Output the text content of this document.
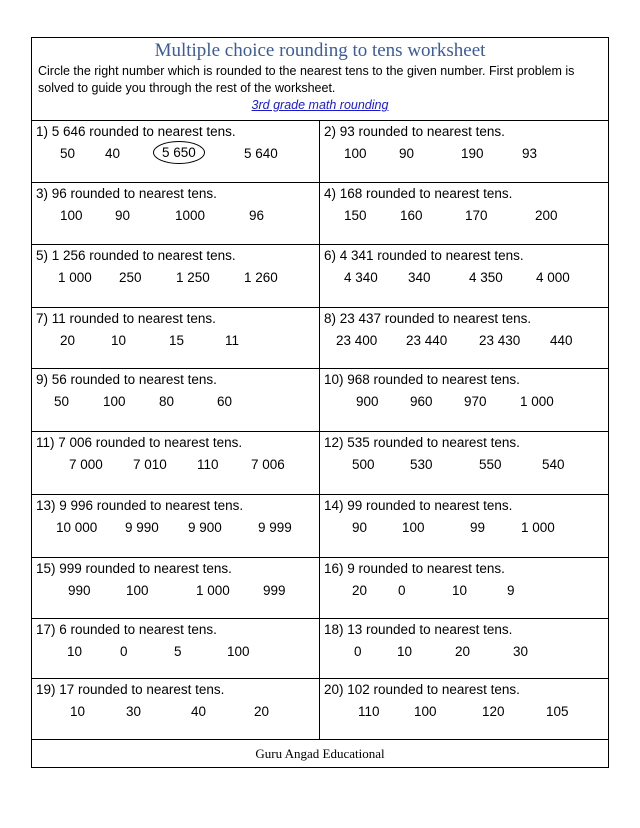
Multiple choice rounding to tens worksheet
Circle the right number which is rounded to the nearest tens to the given number. First problem is solved to guide you through the rest of the worksheet.
3rd grade math rounding
1) 5 646 rounded to nearest tens.
50 40	5 650	5 640
2) 93 rounded to nearest tens.
100 90	190	93
3) 96 rounded to nearest tens.
100 90	1000	96
4) 168 rounded to nearest tens.
150 160	170	200
5) 1 256 rounded to nearest tens.
1 000 250	1 250	1 260
6) 4 341 rounded to nearest tens.
4 340 340	4 350 4 000
7) 11 rounded to nearest tens.
20	10	15	11
8) 23 437 rounded to nearest tens.
23 400 23 440 23 430 440
9) 56 rounded to nearest tens.
50	100 80	60
10) 968 rounded to nearest tens.
900 960 970 1 000
11) 7 006 rounded to nearest tens.
7 000 7 010 110 7 006
12) 535 rounded to nearest tens.
500	530	550	540
13) 9 996 rounded to nearest tens.
10 000 9 990 9 900	9 999
14) 99 rounded to nearest tens.
90	100	99	1 000
15) 999 rounded to nearest tens.
990	100	1 000 999
16) 9 rounded to nearest tens.
20 0	10	9
17) 6 rounded to nearest tens.
10	0	5	100
18) 13 rounded to nearest tens.
0	10	20	30
19) 17 rounded to nearest tens.
10	30	40	20
20) 102 rounded to nearest tens.
110	100	120	105
Guru Angad Educational
